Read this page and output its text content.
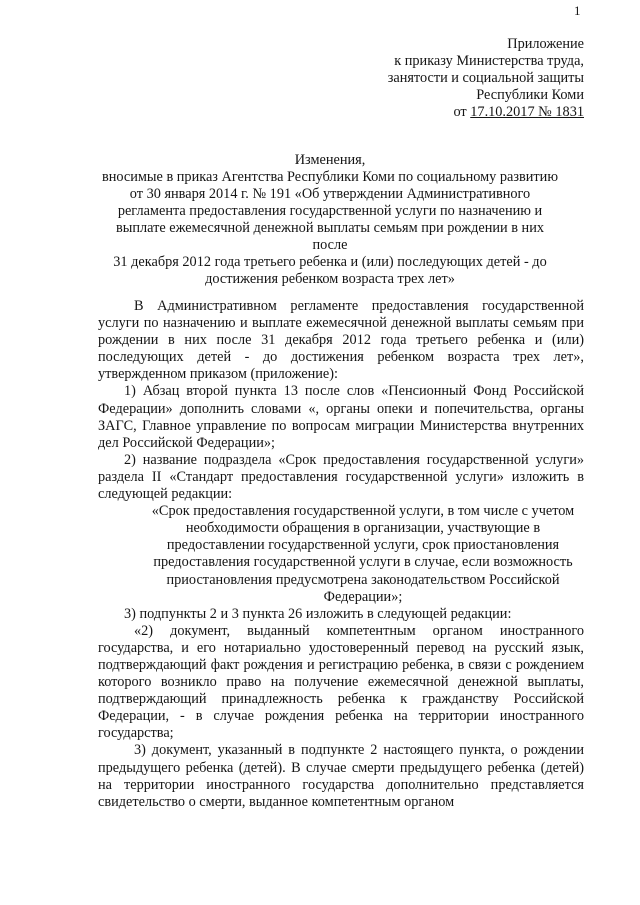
1
Приложение
к приказу Министерства труда,
занятости и социальной защиты
Республики Коми
от 17.10.2017 № 1831
Изменения,
вносимые в приказ Агентства Республики Коми по социальному развитию
от 30 января 2014 г. № 191 «Об утверждении Административного
регламента предоставления государственной услуги по назначению и
выплате ежемесячной денежной выплаты семьям при рождении в них после
31 декабря 2012 года третьего ребенка и (или) последующих детей - до
достижения ребенком возраста трех лет»

В Административном регламенте предоставления государственной услуги по назначению и выплате ежемесячной денежной выплаты семьям при рождении в них после 31 декабря 2012 года третьего ребенка и (или) последующих детей - до достижения ребенком возраста трех лет», утвержденном приказом (приложение):

1) Абзац второй пункта 13 после слов «Пенсионный Фонд Российской Федерации» дополнить словами «, органы опеки и попечительства, органы ЗАГС, Главное управление по вопросам миграции Министерства внутренних дел Российской Федерации»;

2) название подраздела «Срок предоставления государственной услуги» раздела II «Стандарт предоставления государственной услуги» изложить в следующей редакции:

«Срок предоставления государственной услуги, в том числе с учетом
необходимости обращения в организации, участвующие в
предоставлении государственной услуги, срок приостановления
предоставления государственной услуги в случае, если возможность
приостановления предусмотрена законодательством Российской
Федерации»;

3) подпункты 2 и 3 пункта 26 изложить в следующей редакции:

«2) документ, выданный компетентным органом иностранного государства, и его нотариально удостоверенный перевод на русский язык, подтверждающий факт рождения и регистрацию ребенка, в связи с рождением которого возникло право на получение ежемесячной денежной выплаты, подтверждающий принадлежность ребенка к гражданству Российской Федерации, - в случае рождения ребенка на территории иностранного государства;

3) документ, указанный в подпункте 2 настоящего пункта, о рождении предыдущего ребенка (детей). В случае смерти предыдущего ребенка (детей) на территории иностранного государства дополнительно представляется свидетельство о смерти, выданное компетентным органом
